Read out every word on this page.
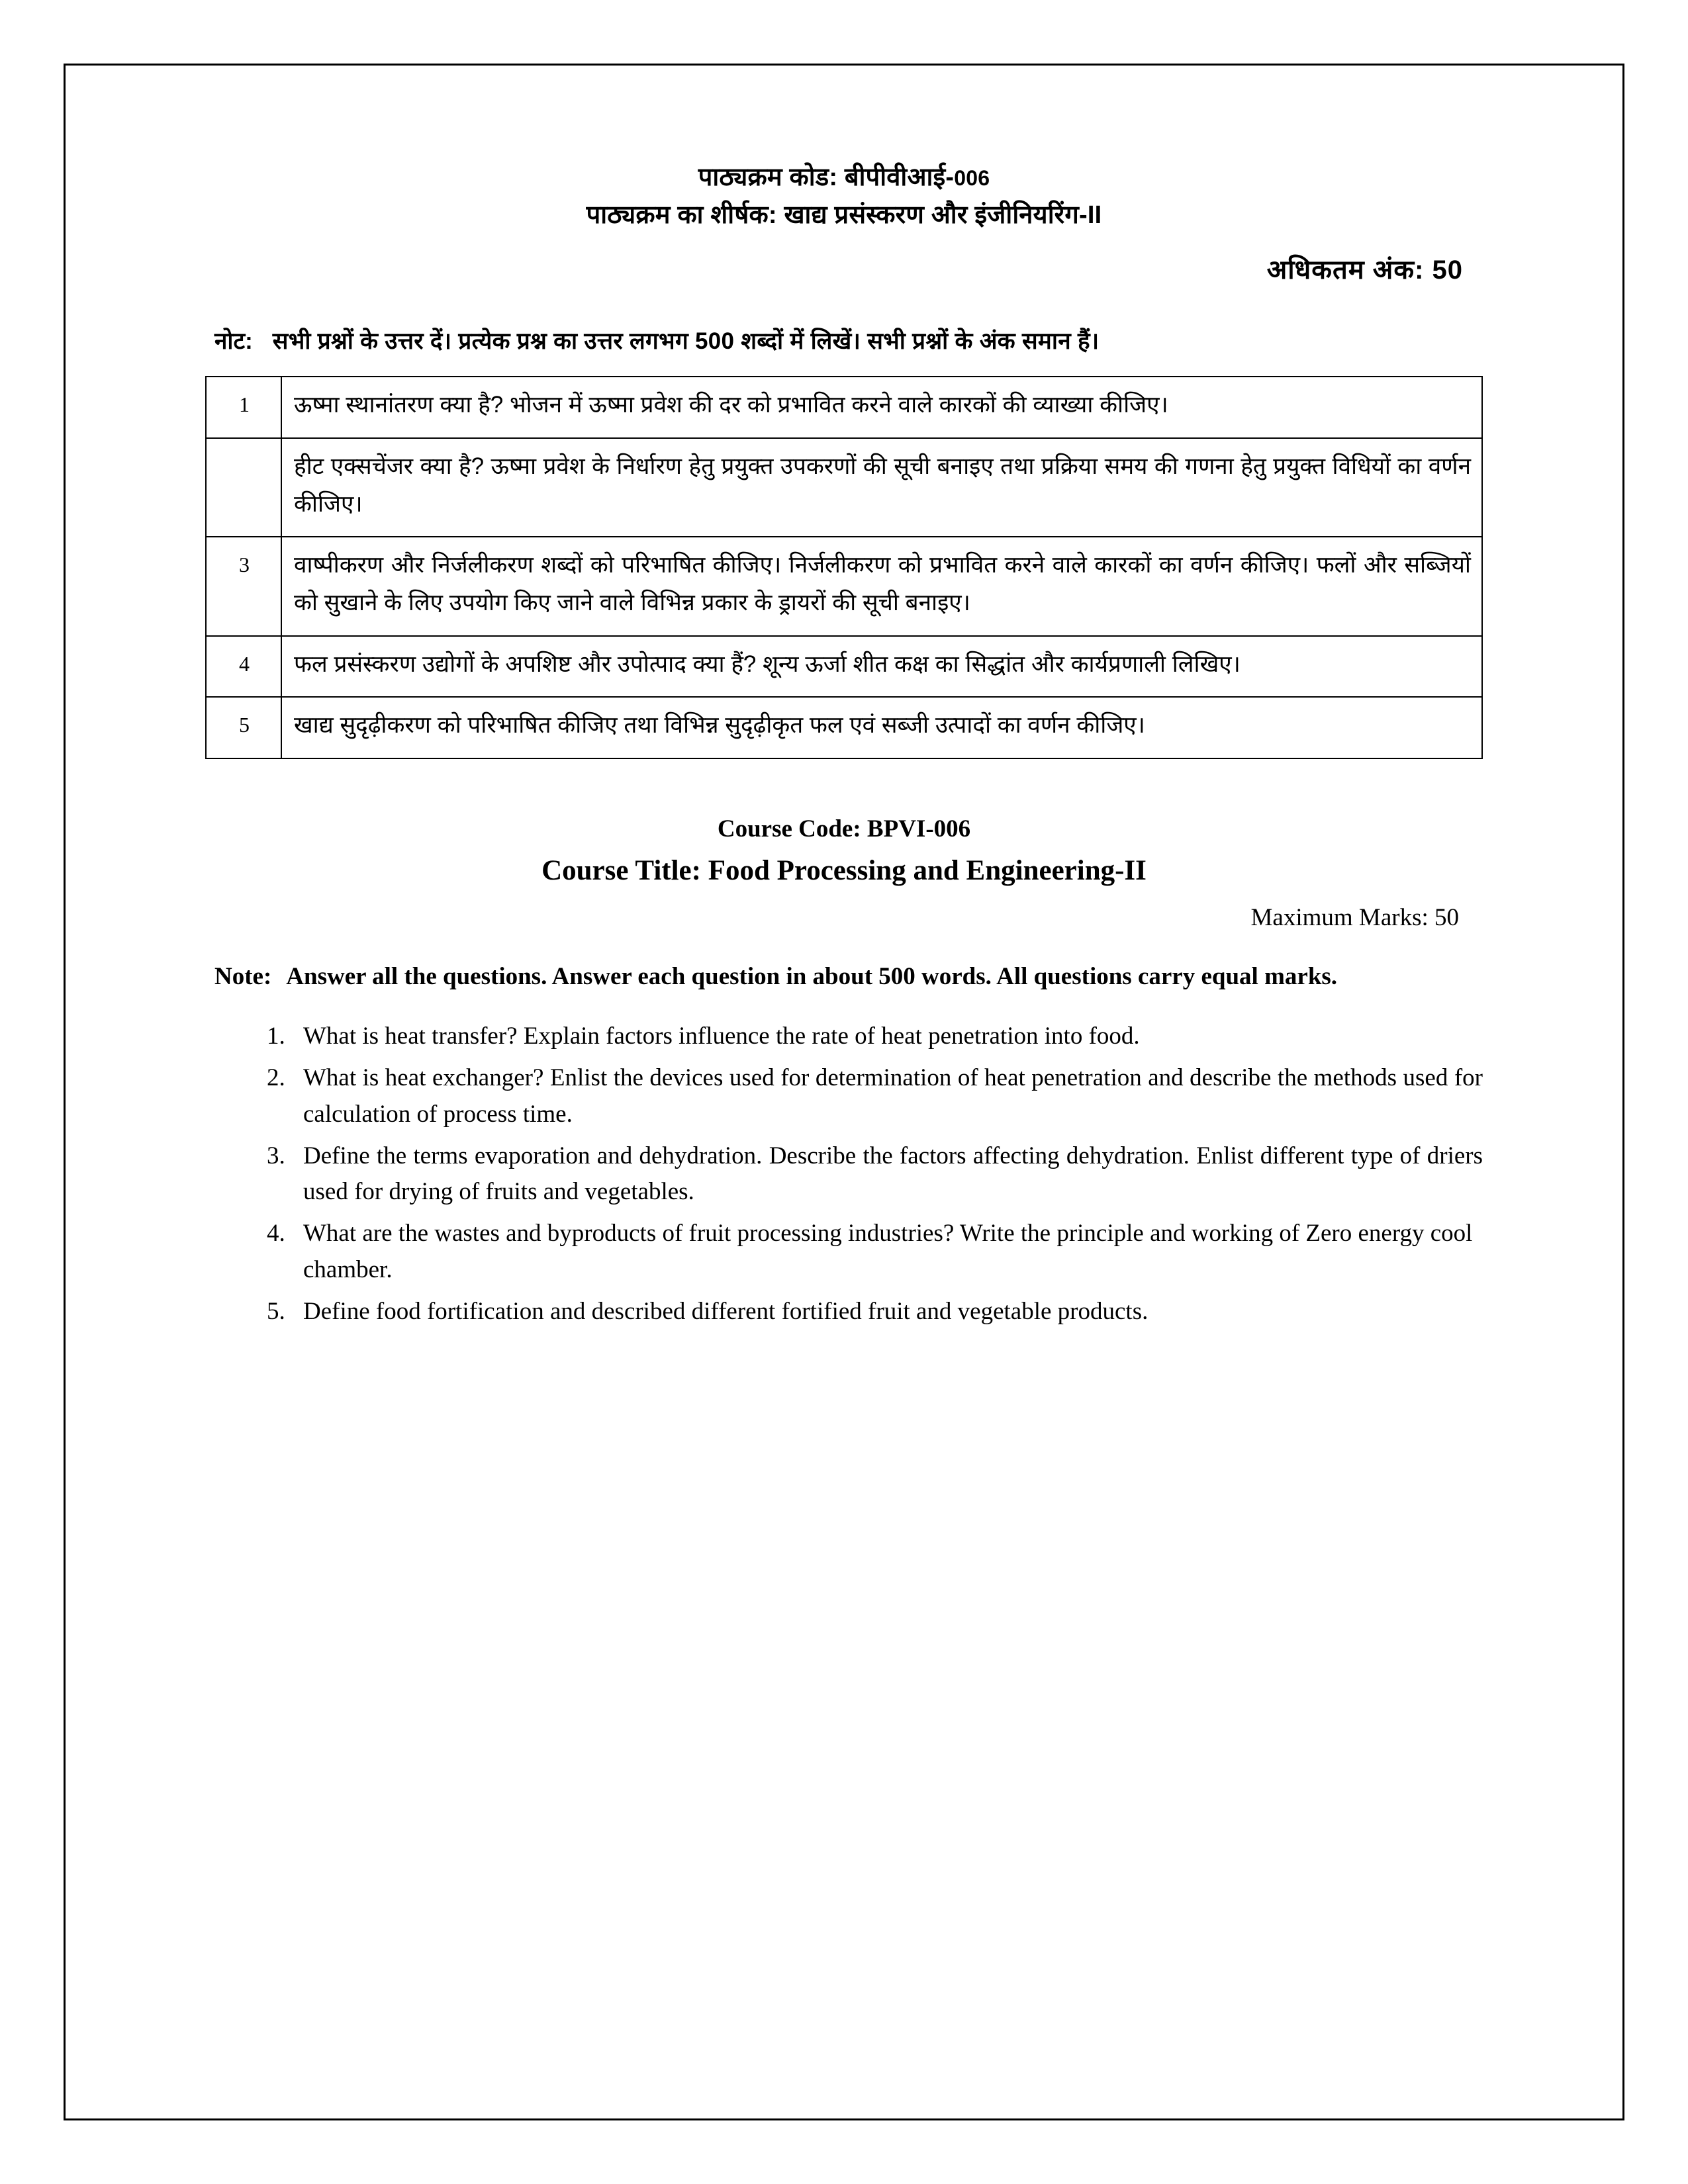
पाठ्यक्रम कोड: बीपीवीआई-006
पाठ्यक्रम का शीर्षक: खाद्य प्रसंस्करण और इंजीनियरिंग-II
अधिकतम अंक: 50
नोट: सभी प्रश्नों के उत्तर दें। प्रत्येक प्रश्न का उत्तर लगभग 500 शब्दों में लिखें। सभी प्रश्नों के अंक समान हैं।
1	ऊष्मा स्थानांतरण क्या है? भोजन में ऊष्मा प्रवेश की दर को प्रभावित करने वाले कारकों की व्याख्या कीजिए।
	हीट एक्सचेंजर क्या है? ऊष्मा प्रवेश के निर्धारण हेतु प्रयुक्त उपकरणों की सूची बनाइए तथा प्रक्रिया समय की गणना हेतु प्रयुक्त विधियों का वर्णन कीजिए।
3	वाष्पीकरण और निर्जलीकरण शब्दों को परिभाषित कीजिए। निर्जलीकरण को प्रभावित करने वाले कारकों का वर्णन कीजिए। फलों और सब्जियों को सुखाने के लिए उपयोग किए जाने वाले विभिन्न प्रकार के ड्रायरों की सूची बनाइए।
4	फल प्रसंस्करण उद्योगों के अपशिष्ट और उपोत्पाद क्या हैं? शून्य ऊर्जा शीत कक्ष का सिद्धांत और कार्यप्रणाली लिखिए।
5	खाद्य सुदृढ़ीकरण को परिभाषित कीजिए तथा विभिन्न सुदृढ़ीकृत फल एवं सब्जी उत्पादों का वर्णन कीजिए।
Course Code: BPVI-006
Course Title: Food Processing and Engineering-II
Maximum Marks: 50
Note: Answer all the questions. Answer each question in about 500 words. All questions carry equal marks.
1. What is heat transfer? Explain factors influence the rate of heat penetration into food.
2. What is heat exchanger? Enlist the devices used for determination of heat penetration and describe the methods used for calculation of process time.
3. Define the terms evaporation and dehydration. Describe the factors affecting dehydration. Enlist different type of driers used for drying of fruits and vegetables.
4. What are the wastes and byproducts of fruit processing industries? Write the principle and working of Zero energy cool chamber.
5. Define food fortification and described different fortified fruit and vegetable products.
